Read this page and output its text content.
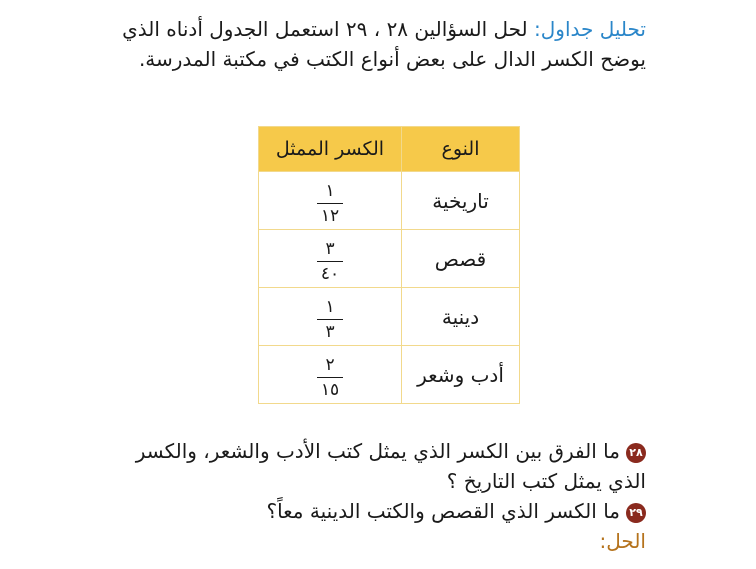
تحليل جداول: لحل السؤالين ٢٨ ، ٢٩ استعمل الجدول أدناه الذي يوضح الكسر الدال على بعض أنواع الكتب في مكتبة المدرسة.
النوع	الكسر الممثل
تاريخية	$\frac{١}{١٢}$

قصص	$\frac{٣}{٤٠}$

دينية	$\frac{١}{٣}$

أدب وشعر	$\frac{٢}{١٥}$

٢٨ما الفرق بين الكسر الذي يمثل كتب الأدب والشعر، والكسر الذي يمثل كتب التاريخ ؟

٢٩ما الكسر الذي القصص والكتب الدينية معاً؟

الحل:
